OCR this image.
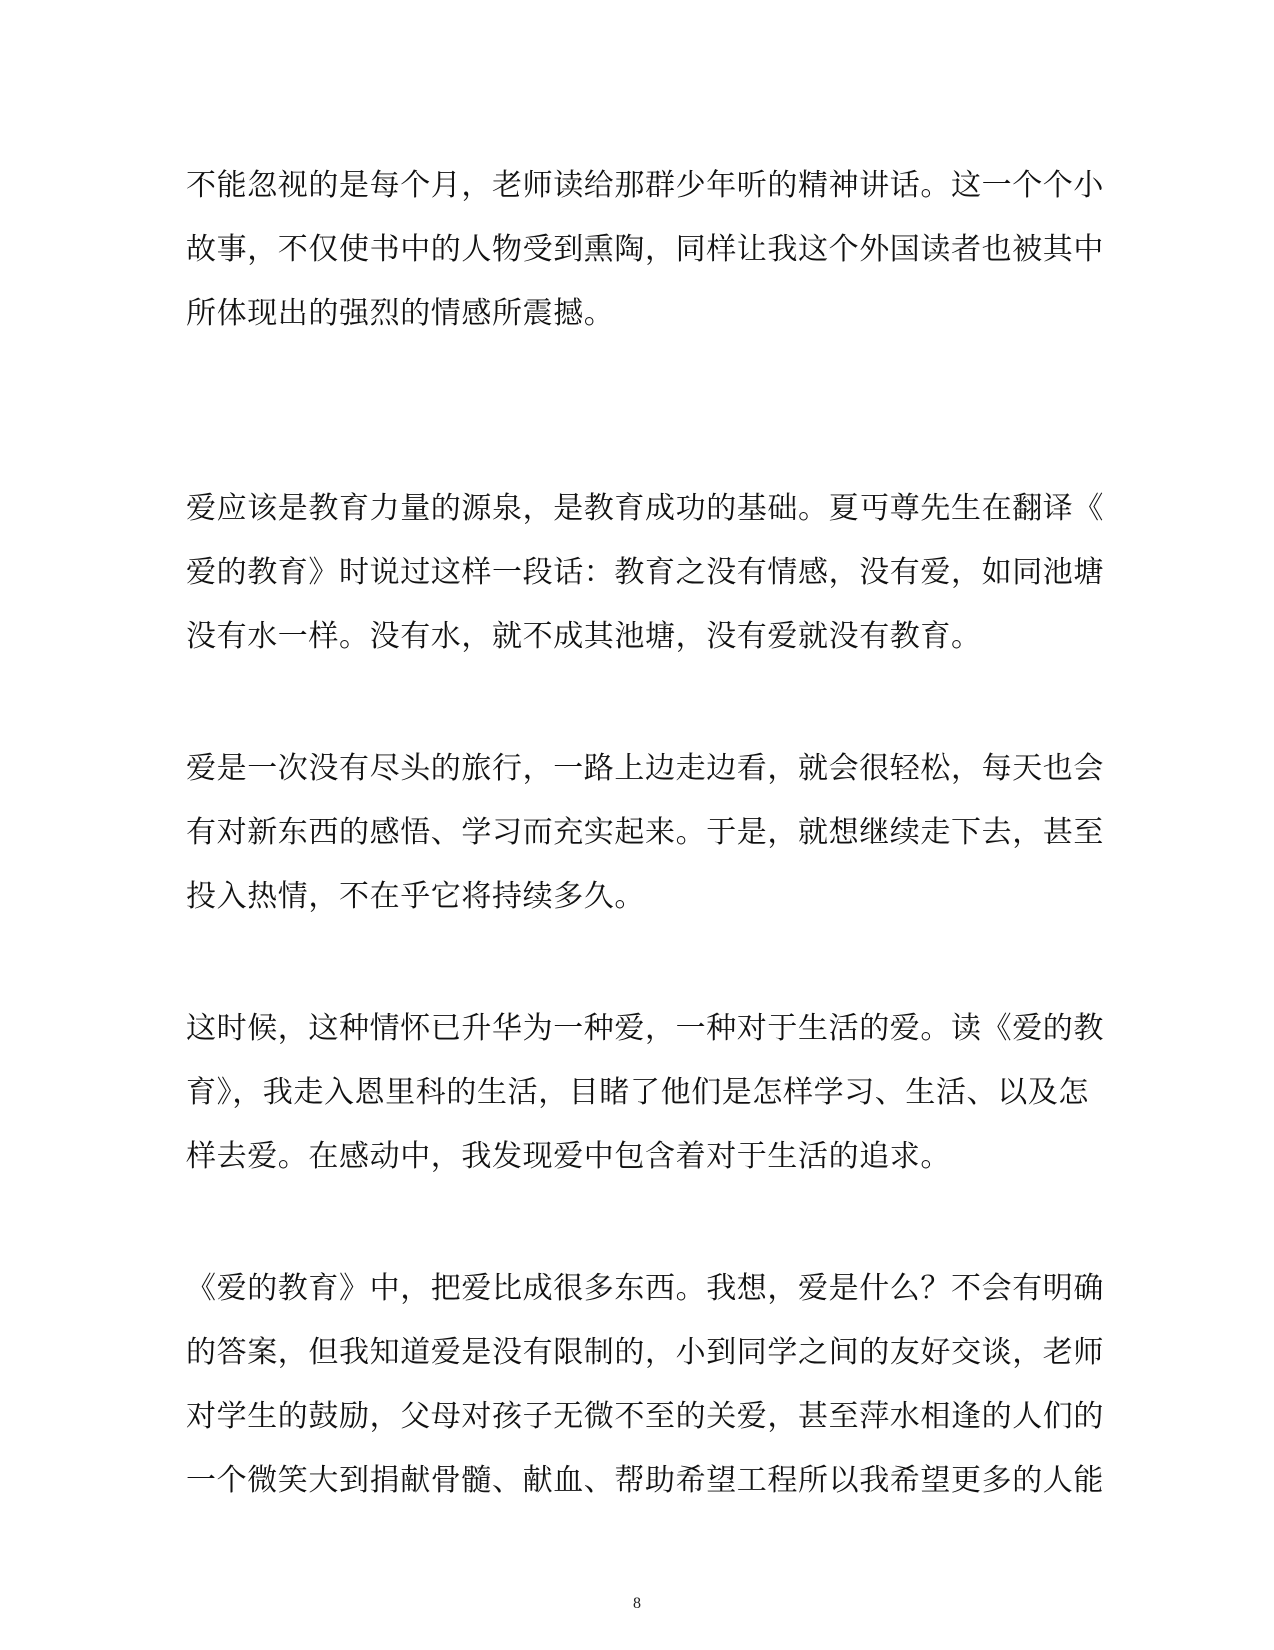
不能忽视的是每个月，老师读给那群少年听的精神讲话。这一个个小
故事，不仅使书中的人物受到熏陶，同样让我这个外国读者也被其中
所体现出的强烈的情感所震撼。
爱应该是教育力量的源泉，是教育成功的基础。夏丏尊先生在翻译《
爱的教育》时说过这样一段话：教育之没有情感，没有爱，如同池塘
没有水一样。没有水，就不成其池塘，没有爱就没有教育。
爱是一次没有尽头的旅行，一路上边走边看，就会很轻松，每天也会
有对新东西的感悟、学习而充实起来。于是，就想继续走下去，甚至
投入热情，不在乎它将持续多久。
这时候，这种情怀已升华为一种爱，一种对于生活的爱。读《爱的教
育》，我走入恩里科的生活，目睹了他们是怎样学习、生活、以及怎
样去爱。在感动中，我发现爱中包含着对于生活的追求。
《爱的教育》中，把爱比成很多东西。我想，爱是什么？不会有明确
的答案，但我知道爱是没有限制的，小到同学之间的友好交谈，老师
对学生的鼓励，父母对孩子无微不至的关爱，甚至萍水相逢的人们的
一个微笑大到捐献骨髓、献血、帮助希望工程所以我希望更多的人能
8
